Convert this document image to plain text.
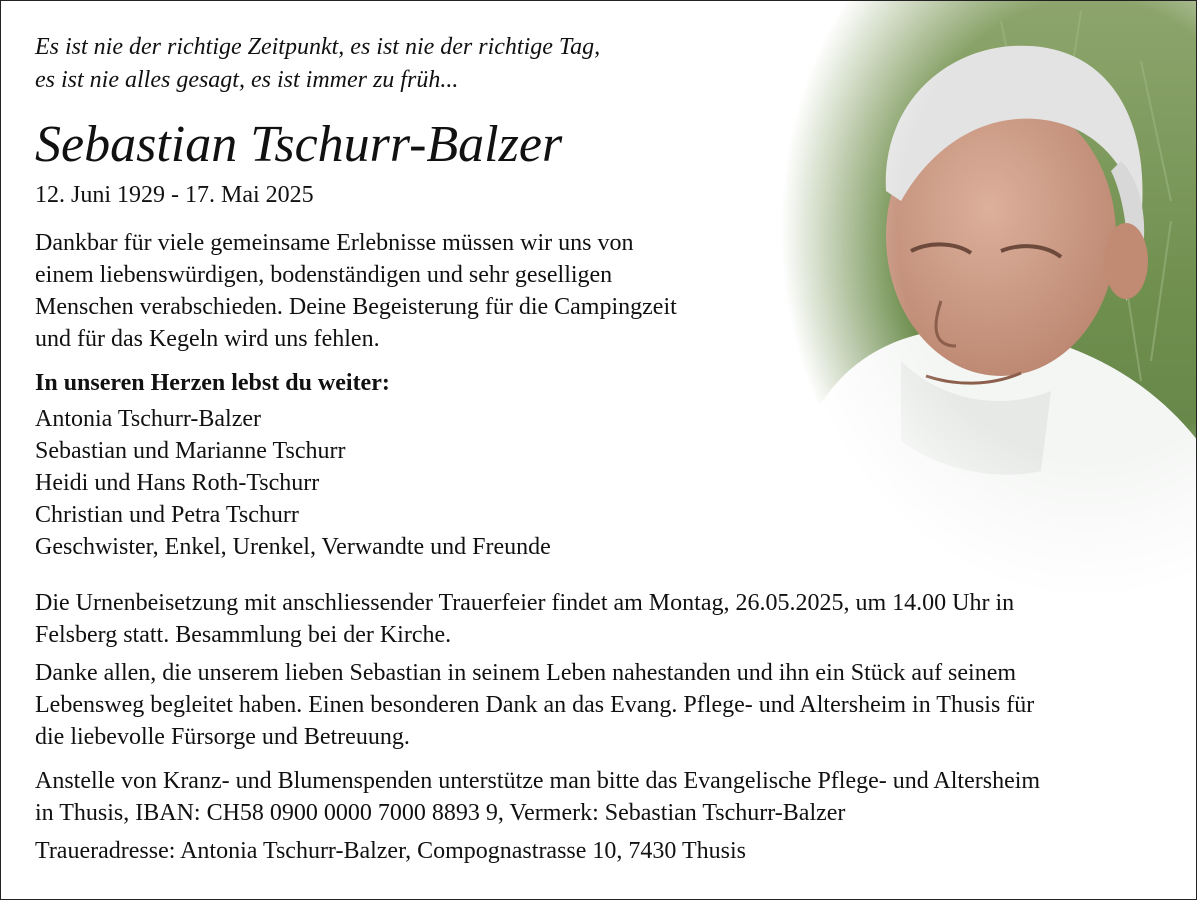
Es ist nie der richtige Zeitpunkt, es ist nie der richtige Tag,
es ist nie alles gesagt, es ist immer zu früh...
Sebastian Tschurr-Balzer
12. Juni 1929 - 17. Mai 2025
Dankbar für viele gemeinsame Erlebnisse müssen wir uns von
einem liebenswürdigen, bodenständigen und sehr geselligen
Menschen verabschieden. Deine Begeisterung für die Campingzeit
und für das Kegeln wird uns fehlen.
In unseren Herzen lebst du weiter:
Antonia Tschurr-Balzer
Sebastian und Marianne Tschurr
Heidi und Hans Roth-Tschurr
Christian und Petra Tschurr
Geschwister, Enkel, Urenkel, Verwandte und Freunde
Die Urnenbeisetzung mit anschliessender Trauerfeier findet am Montag, 26.05.2025, um 14.00 Uhr in
Felsberg statt. Besammlung bei der Kirche.
Danke allen, die unserem lieben Sebastian in seinem Leben nahestanden und ihn ein Stück auf seinem
Lebensweg begleitet haben. Einen besonderen Dank an das Evang. Pflege- und Altersheim in Thusis für
die liebevolle Fürsorge und Betreuung.
Anstelle von Kranz- und Blumenspenden unterstütze man bitte das Evangelische Pflege- und Altersheim
in Thusis, IBAN: CH58 0900 0000 7000 8893 9, Vermerk: Sebastian Tschurr-Balzer
Traueradresse: Antonia Tschurr-Balzer, Compognastrasse 10, 7430 Thusis
